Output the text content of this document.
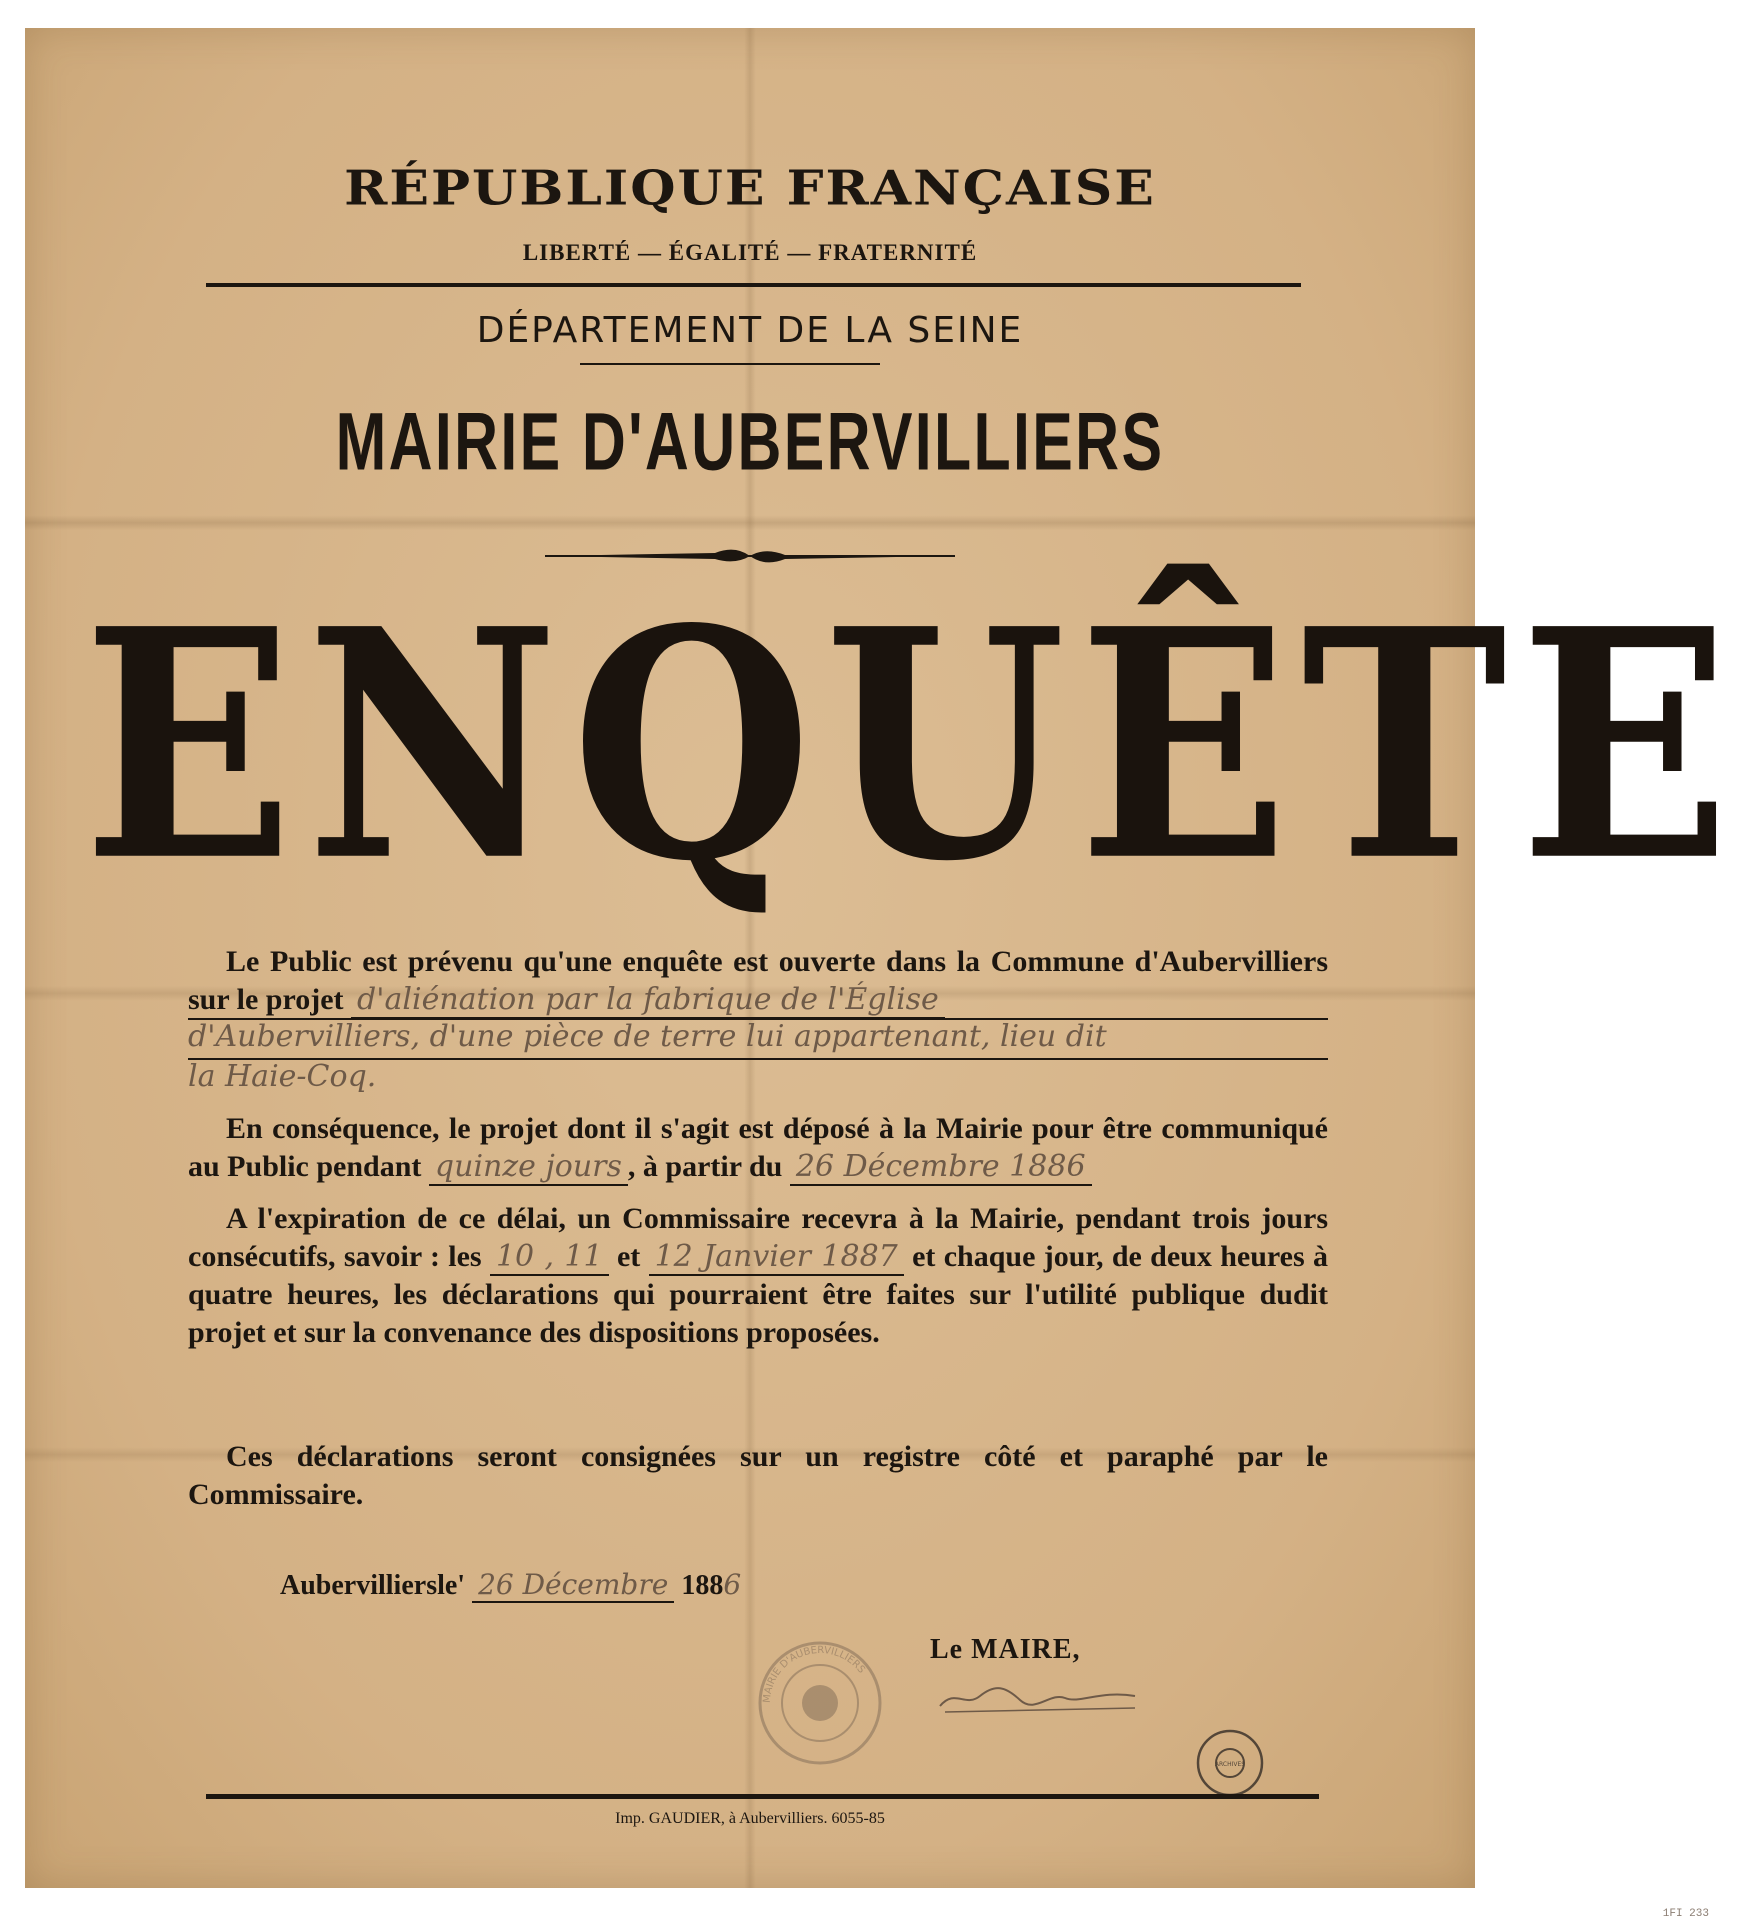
RÉPUBLIQUE FRANÇAISE
LIBERTÉ — ÉGALITÉ — FRATERNITÉ
DÉPARTEMENT DE LA SEINE
MAIRIE D'AUBERVILLIERS
ENQUÊTE
Le Public est prévenu qu'une enquête est ouverte dans la Commune d'Aubervilliers sur le projet d'aliénation par la fabrique de l'Église
d'Aubervilliers, d'une pièce de terre lui appartenant, lieu dit
la Haie-Coq.
En conséquence, le projet dont il s'agit est déposé à la Mairie pour être communiqué au Public pendant quinze jours , à partir du 26 Décembre 1886
A l'expiration de ce délai, un Commissaire recevra à la Mairie, pendant trois jours consécutifs, savoir : les 10 , 11 et 12 Janvier 1887 et chaque jour, de deux heures à quatre heures, les déclarations qui pourraient être faites sur l'utilité publique dudit projet et sur la convenance des dispositions proposées.
Ces déclarations seront consignées sur un registre côté et paraphé par le Commissaire.
Aubervilliersle' 26 Décembre 1886
Le MAIRE,
MAIRIE D'AUBERVILLIERS
ARCHIVES
Imp. GAUDIER, à Aubervilliers. 6055-85
1FI 233
